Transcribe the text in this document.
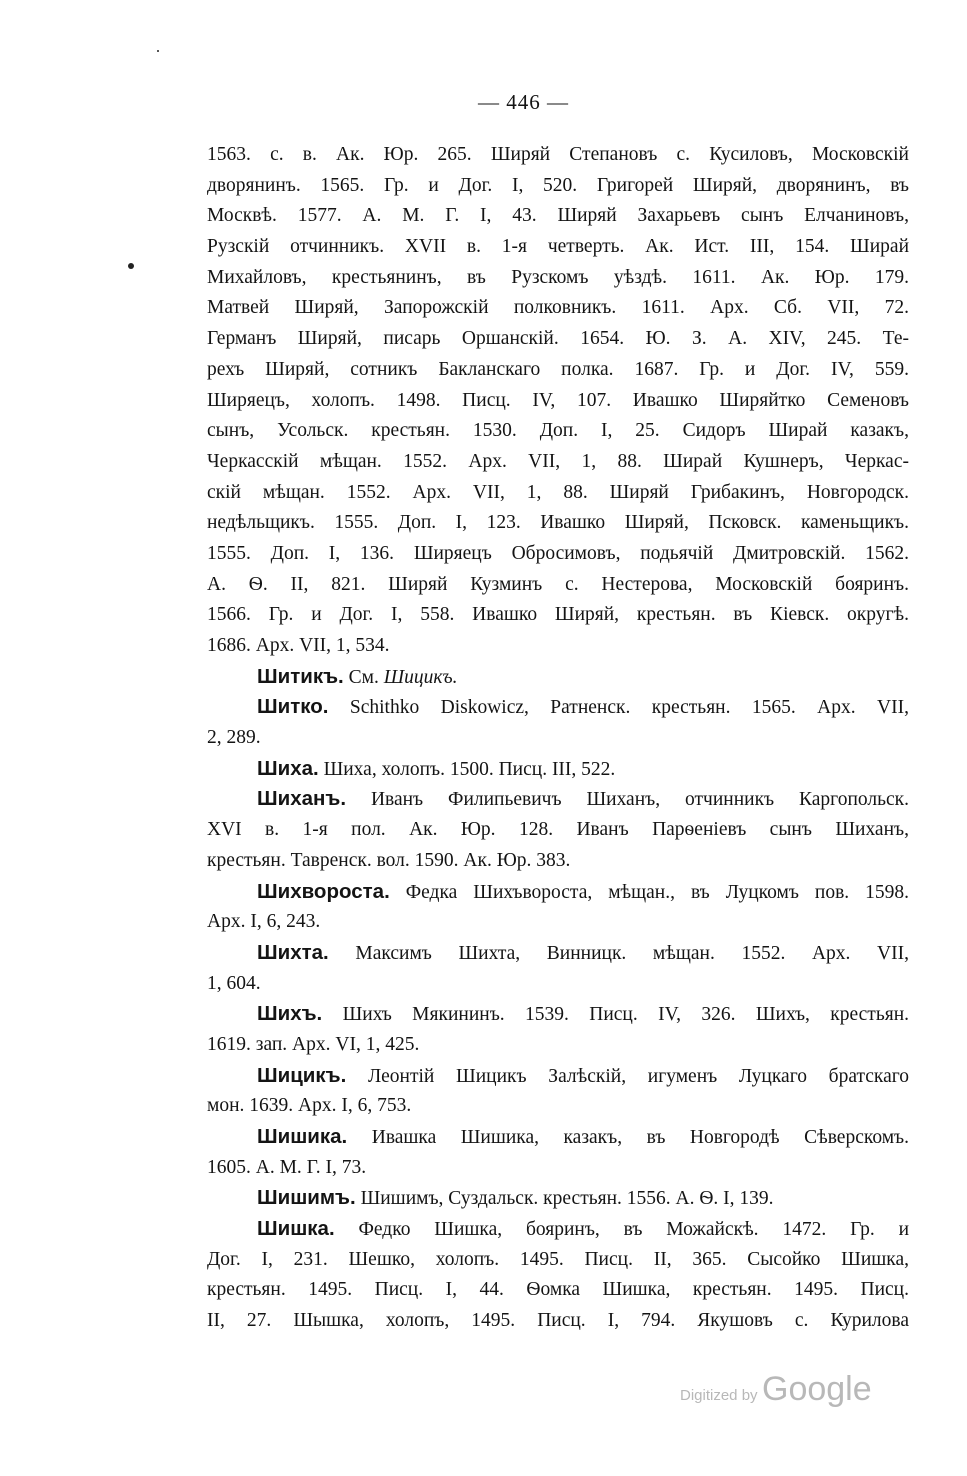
— 446 —
1563. с. в. Ак. Юр. 265. Ширяй Степановъ с. Кусиловъ, Московскій
дворянинъ. 1565. Гр. и Дог. I, 520. Григорей Ширяй, дворянинъ, въ
Москвѣ. 1577. А. М. Г. I, 43. Ширяй Захарьевъ сынъ Елчаниновъ,
Рузскій отчинникъ. XVII в. 1-я четверть. Ак. Ист. III, 154. Ширай
Михайловъ, крестьянинъ, въ Рузскомъ уѣздѣ. 1611. Ак. Юр. 179.
Матвей Ширяй, Запорожскій полковникъ. 1611. Арх. Сб. VII, 72.
Германъ Ширяй, писарь Оршанскій. 1654. Ю. З. А. XIV, 245. Те-
рехъ Ширяй, сотникъ Бакланскаго полка. 1687. Гр. и Дог. IV, 559.
Ширяецъ, холопъ. 1498. Писц. IV, 107. Ивашко Ширяйтко Семеновъ
сынъ, Усольск. крестьян. 1530. Доп. I, 25. Сидоръ Ширай казакъ,
Черкасскій мѣщан. 1552. Арх. VII, 1, 88. Ширай Кушнеръ, Черкас-
скій мѣщан. 1552. Арх. VII, 1, 88. Ширяй Грибакинъ, Новгородск.
недѣльщикъ. 1555. Доп. I, 123. Ивашко Ширяй, Псковск. каменьщикъ.
1555. Доп. I, 136. Ширяецъ Обросимовъ, подьячій Дмитровскій. 1562.
А. Ѳ. II, 821. Ширяй Кузминъ с. Нестерова, Московскій бояринъ.
1566. Гр. и Дог. I, 558. Ивашко Ширяй, крестьян. въ Кіевск. округѣ.
1686. Арх. VII, 1, 534.
Шитикъ. См. Шицикъ.
Шитко. Schithko Diskowicz, Ратненск. крестьян. 1565. Арх. VII,
2, 289.
Шиха. Шиха, холопъ. 1500. Писц. III, 522.
Шиханъ. Иванъ Филипьевичъ Шиханъ, отчинникъ Каргопольск.
XVI в. 1-я пол. Ак. Юр. 128. Иванъ Парѳеніевъ сынъ Шиханъ,
крестьян. Тавренск. вол. 1590. Ак. Юр. 383.
Шихвороста. Федка Шихъвороста, мѣщан., въ Луцкомъ пов. 1598.
Арх. I, 6, 243.
Шихта. Максимъ Шихта, Винницк. мѣщан. 1552. Арх. VII,
1, 604.
Шихъ. Шихъ Мякининъ. 1539. Писц. IV, 326. Шихъ, крестьян.
1619. зап. Арх. VI, 1, 425.
Шицикъ. Леонтій Шицикъ Залѣскій, игуменъ Луцкаго братскаго
мон. 1639. Арх. I, 6, 753.
Шишика. Ивашка Шишика, казакъ, въ Новгородѣ Сѣверскомъ.
1605. А. М. Г. I, 73.
Шишимъ. Шишимъ, Суздальск. крестьян. 1556. А. Ѳ. I, 139.
Шишка. Федко Шишка, бояринъ, въ Можайскѣ. 1472. Гр. и
Дог. I, 231. Шешко, холопъ. 1495. Писц. II, 365. Сысойко Шишка,
крестьян. 1495. Писц. I, 44. Ѳомка Шишка, крестьян. 1495. Писц.
II, 27. Шышка, холопъ, 1495. Писц. I, 794. Якушовъ с. Курилова
Digitized by Google
